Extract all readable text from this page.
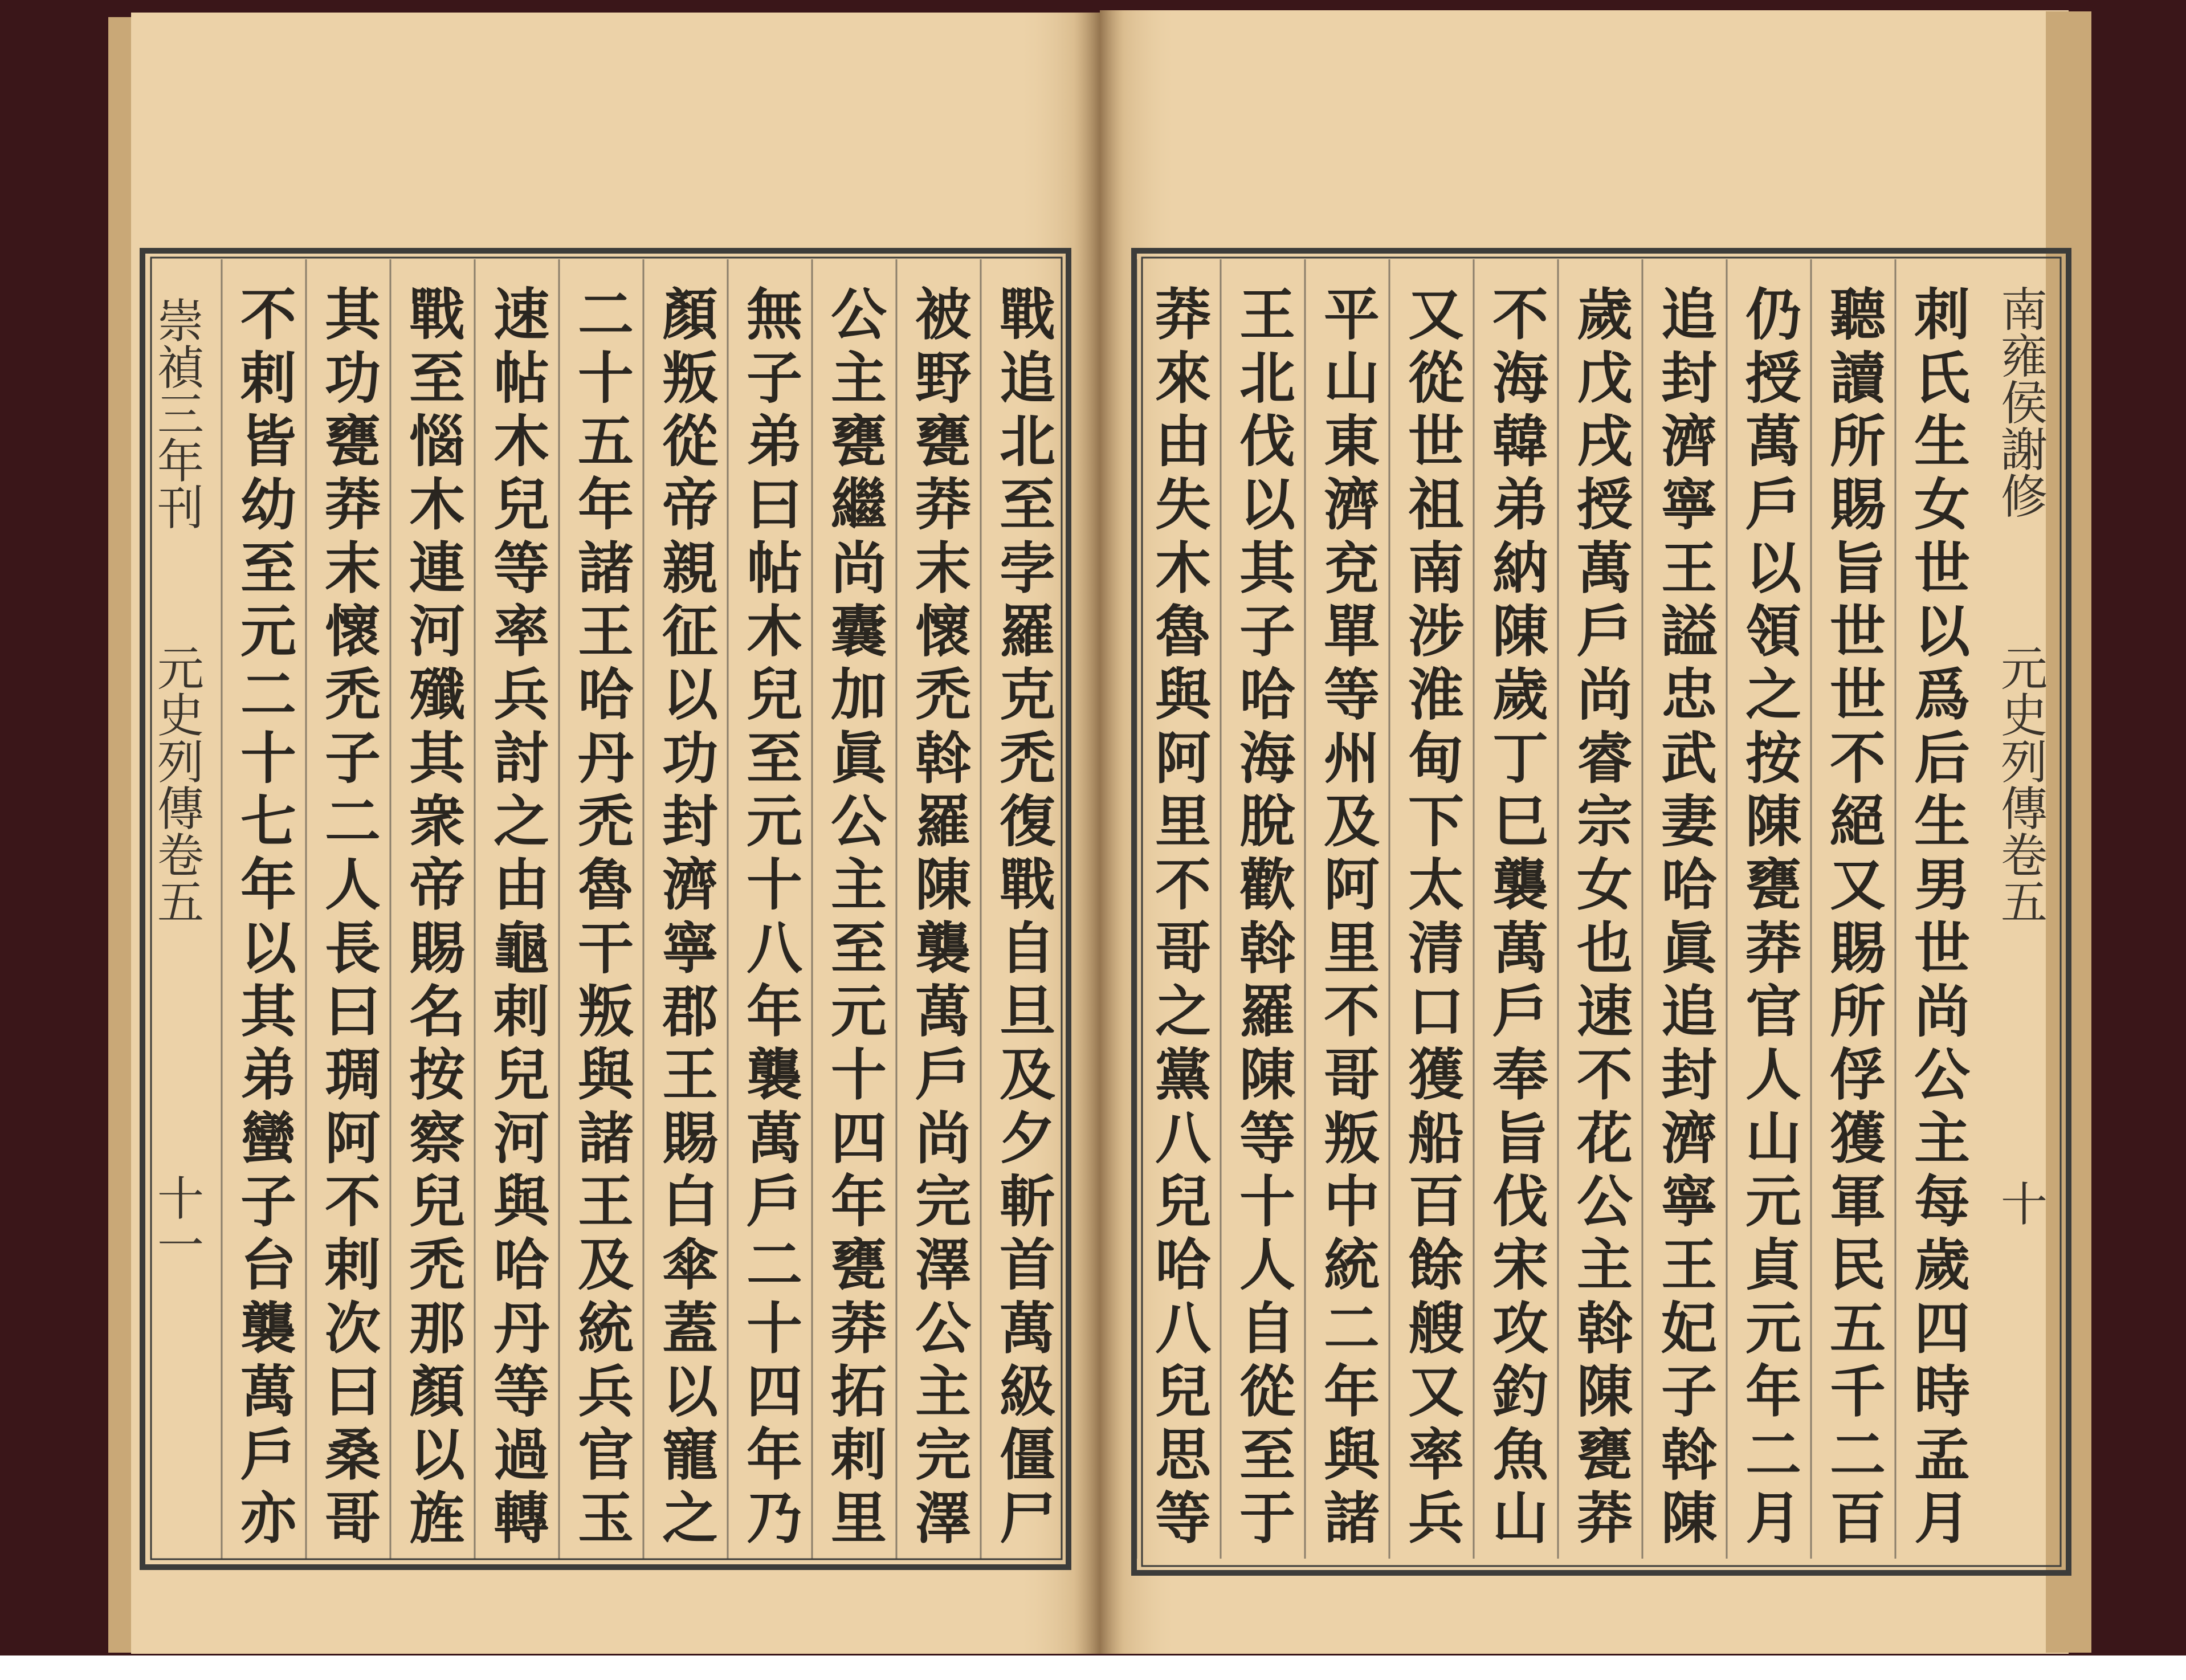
戰追北至孛羅克禿復戰自旦及夕斬首萬級僵尸
被野甕莽末懷禿斡羅陳襲萬戶尚完澤公主完澤
公主甕繼尚囊加眞公主至元十四年甕莽拓剌里
無子弟曰帖木兒至元十八年襲萬戶二十四年乃
顏叛從帝親征以功封濟寧郡王賜白傘蓋以寵之
二十五年諸王哈丹禿魯干叛與諸王及統兵官玉
速帖木兒等率兵討之由龜剌兒河與哈丹等過轉
戰至惱木連河殲其衆帝賜名按察兒禿那顏以旌
其功甕莽末懷禿子二人長曰琱阿不剌次曰桑哥
不剌皆幼至元二十七年以其弟蠻子台襲萬戶亦
崇禎三年刊
元史列傳卷五
十一
刺氏生女世以爲后生男世尚公主每歲四時孟月
聽讀所賜旨世世不絕又賜所俘獲軍民五千二百
仍授萬戶以領之按陳甕莽官人山元貞元年二月
追封濟寧王謚忠武妻哈眞追封濟寧王妃子斡陳
歲戊戌授萬戶尚睿宗女也速不花公主斡陳甕莽
不海韓弟納陳歲丁巳襲萬戶奉旨伐宋攻釣魚山
又從世祖南涉淮甸下太清口獲船百餘艘又率兵
平山東濟兗單等州及阿里不哥叛中統二年與諸
王北伐以其子哈海脫歡斡羅陳等十人自從至于
莽來由失木魯與阿里不哥之黨八兒哈八兒思等
南雍侯謝修
元史列傳卷五
十
